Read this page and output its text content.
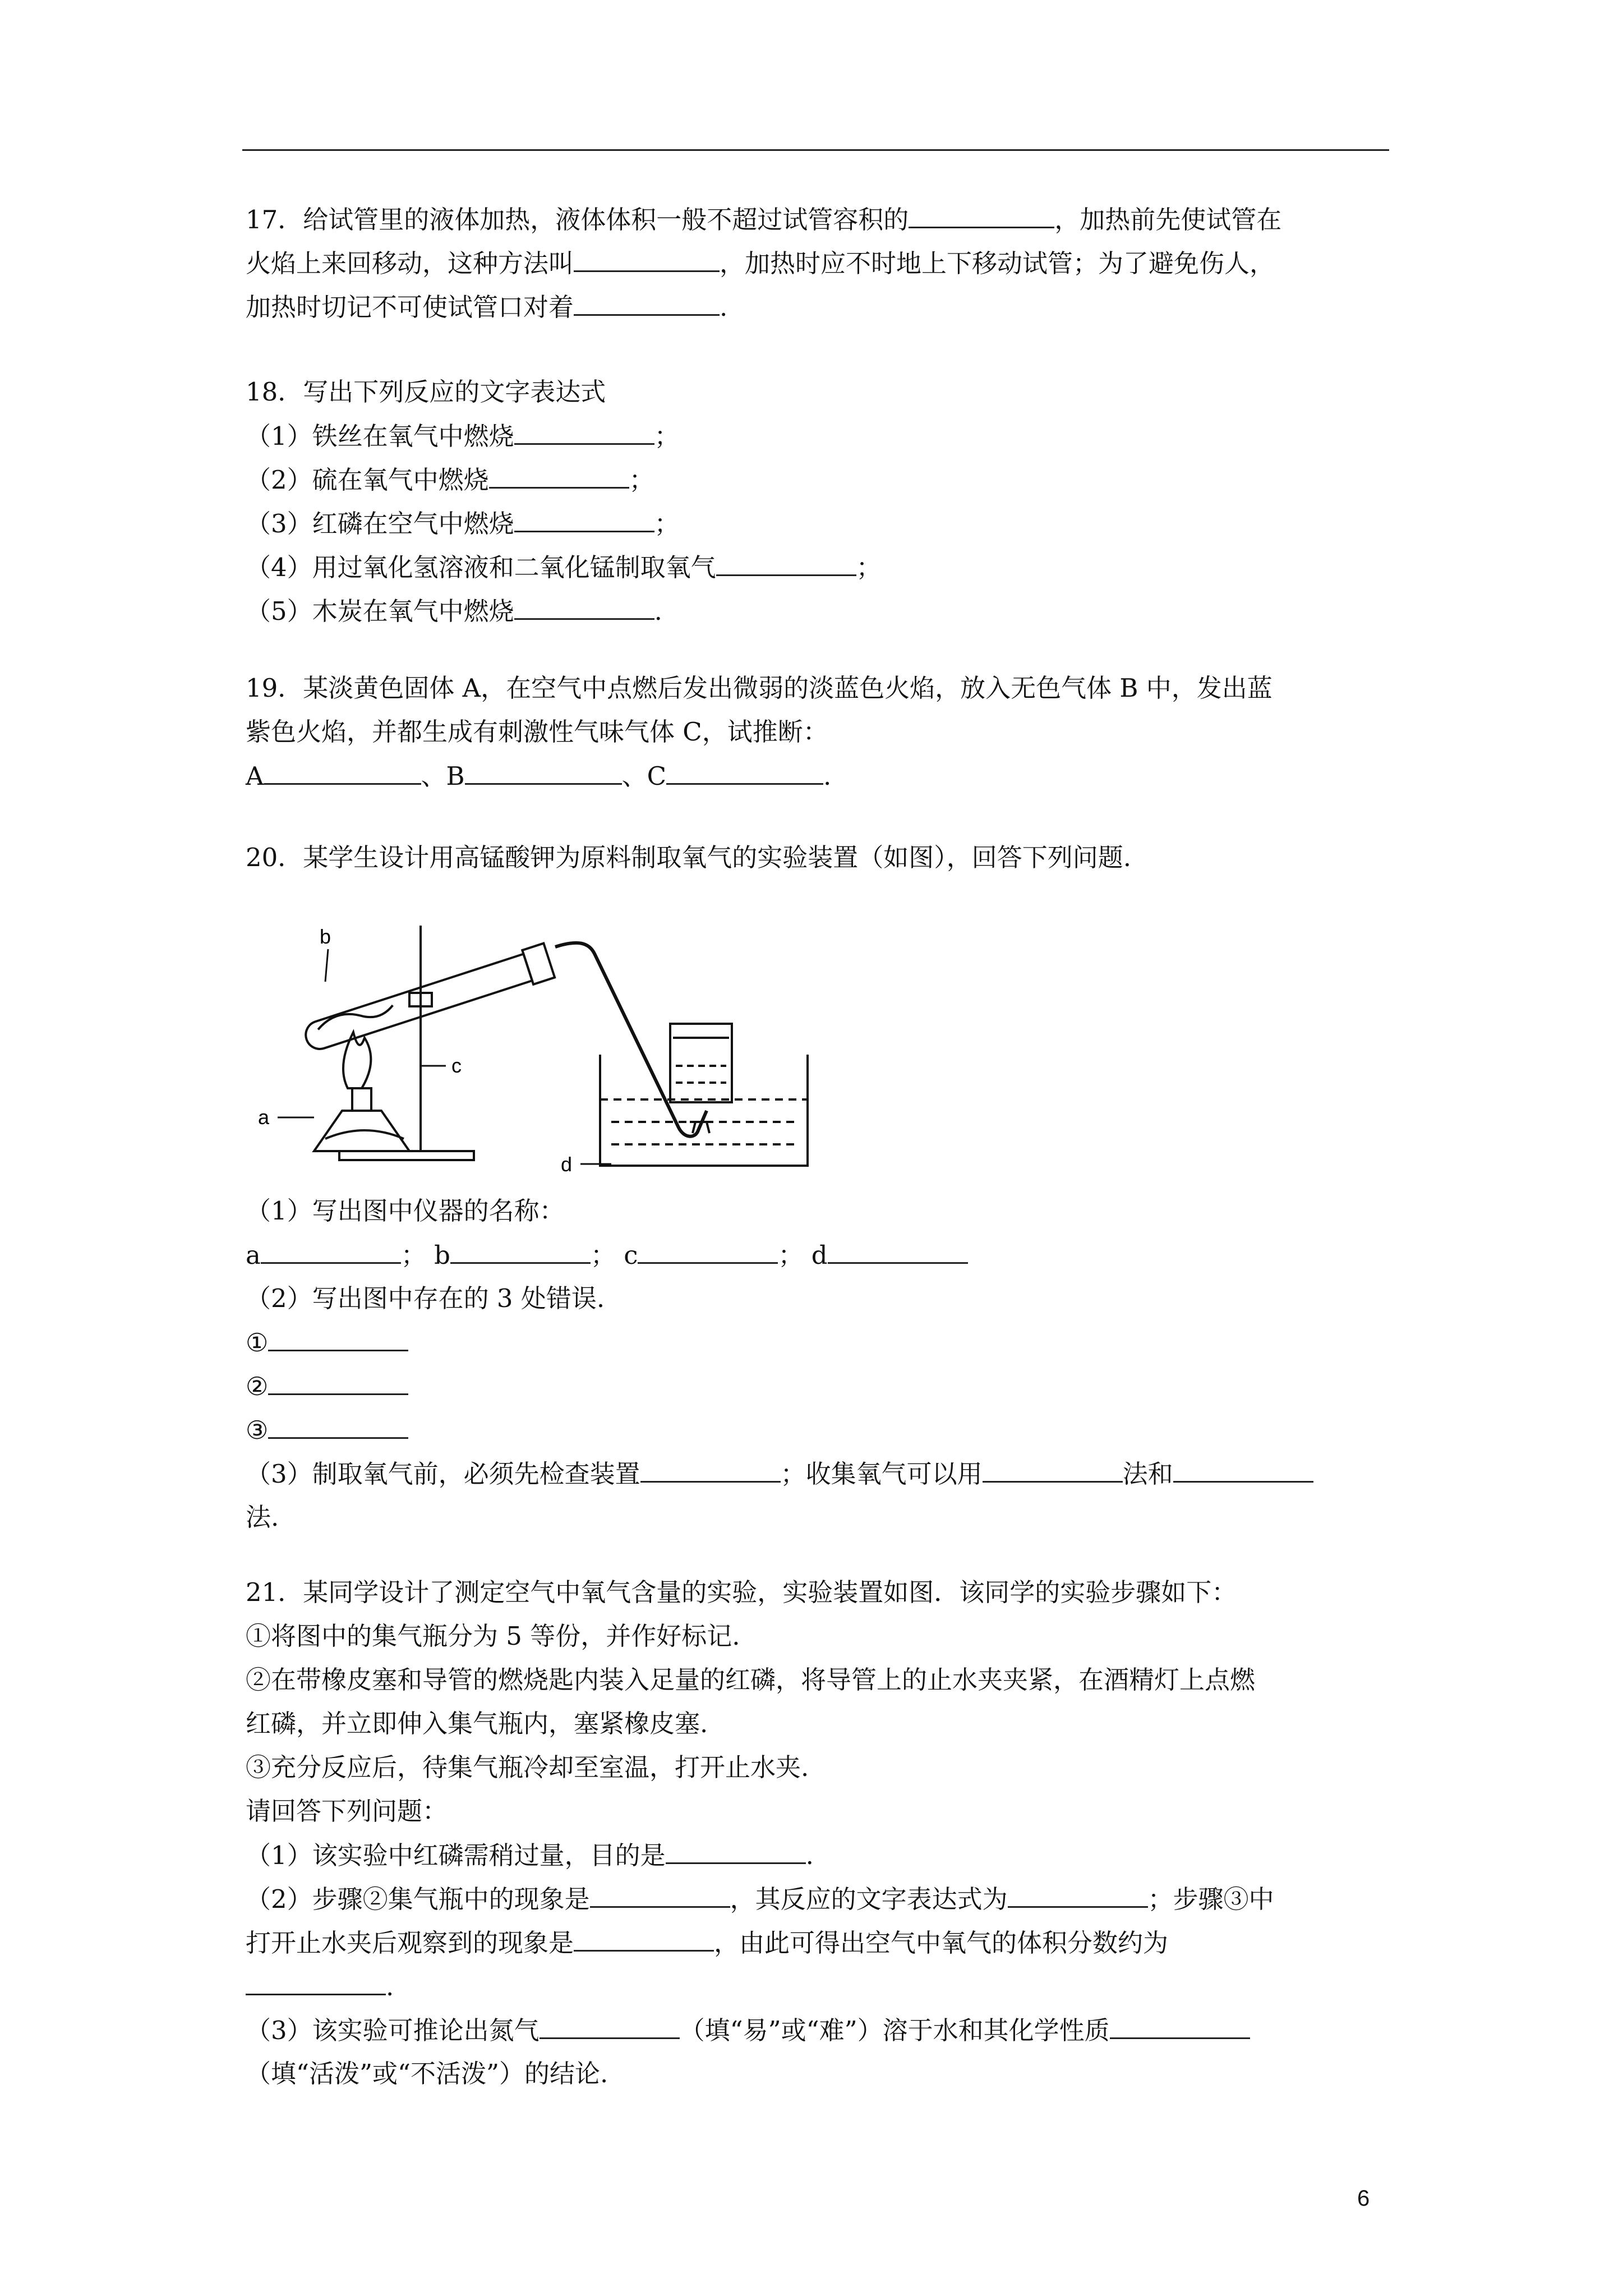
17．给试管里的液体加热，液体体积一般不超过试管容积的	，加热前先使试管在
火焰上来回移动，这种方法叫	，加热时应不时地上下移动试管；为了避免伤人，
加热时切记不可使试管口对着	.
18．写出下列反应的文字表达式
（1）铁丝在氧气中燃烧	；
（2）硫在氧气中燃烧	；
（3）红磷在空气中燃烧	；
（4）用过氧化氢溶液和二氧化锰制取氧气	；
（5）木炭在氧气中燃烧	.
19．某淡黄色固体 A，在空气中点燃后发出微弱的淡蓝色火焰，放入无色气体 B 中，发出蓝
紫色火焰，并都生成有刺激性气味气体 C，试推断：
A	、B	、C	.
20．某学生设计用高锰酸钾为原料制取氧气的实验装置（如图），回答下列问题.
b
c
a
d
（1）写出图中仪器的名称：
a	； b	； c	； d
（2）写出图中存在的 3 处错误.
①
②
③
（3）制取氧气前，必须先检查装置	；收集氧气可以用	法和
法.
21．某同学设计了测定空气中氧气含量的实验，实验装置如图．该同学的实验步骤如下：
①将图中的集气瓶分为 5 等份，并作好标记.
②在带橡皮塞和导管的燃烧匙内装入足量的红磷，将导管上的止水夹夹紧，在酒精灯上点燃
红磷，并立即伸入集气瓶内，塞紧橡皮塞.
③充分反应后，待集气瓶冷却至室温，打开止水夹.
请回答下列问题：
（1）该实验中红磷需稍过量，目的是	.
（2）步骤②集气瓶中的现象是	，其反应的文字表达式为	；步骤③中
打开止水夹后观察到的现象是	，由此可得出空气中氧气的体积分数约为
.
（3）该实验可推论出氮气	（填“易”或“难”）溶于水和其化学性质
（填“活泼”或“不活泼”）的结论.
6
